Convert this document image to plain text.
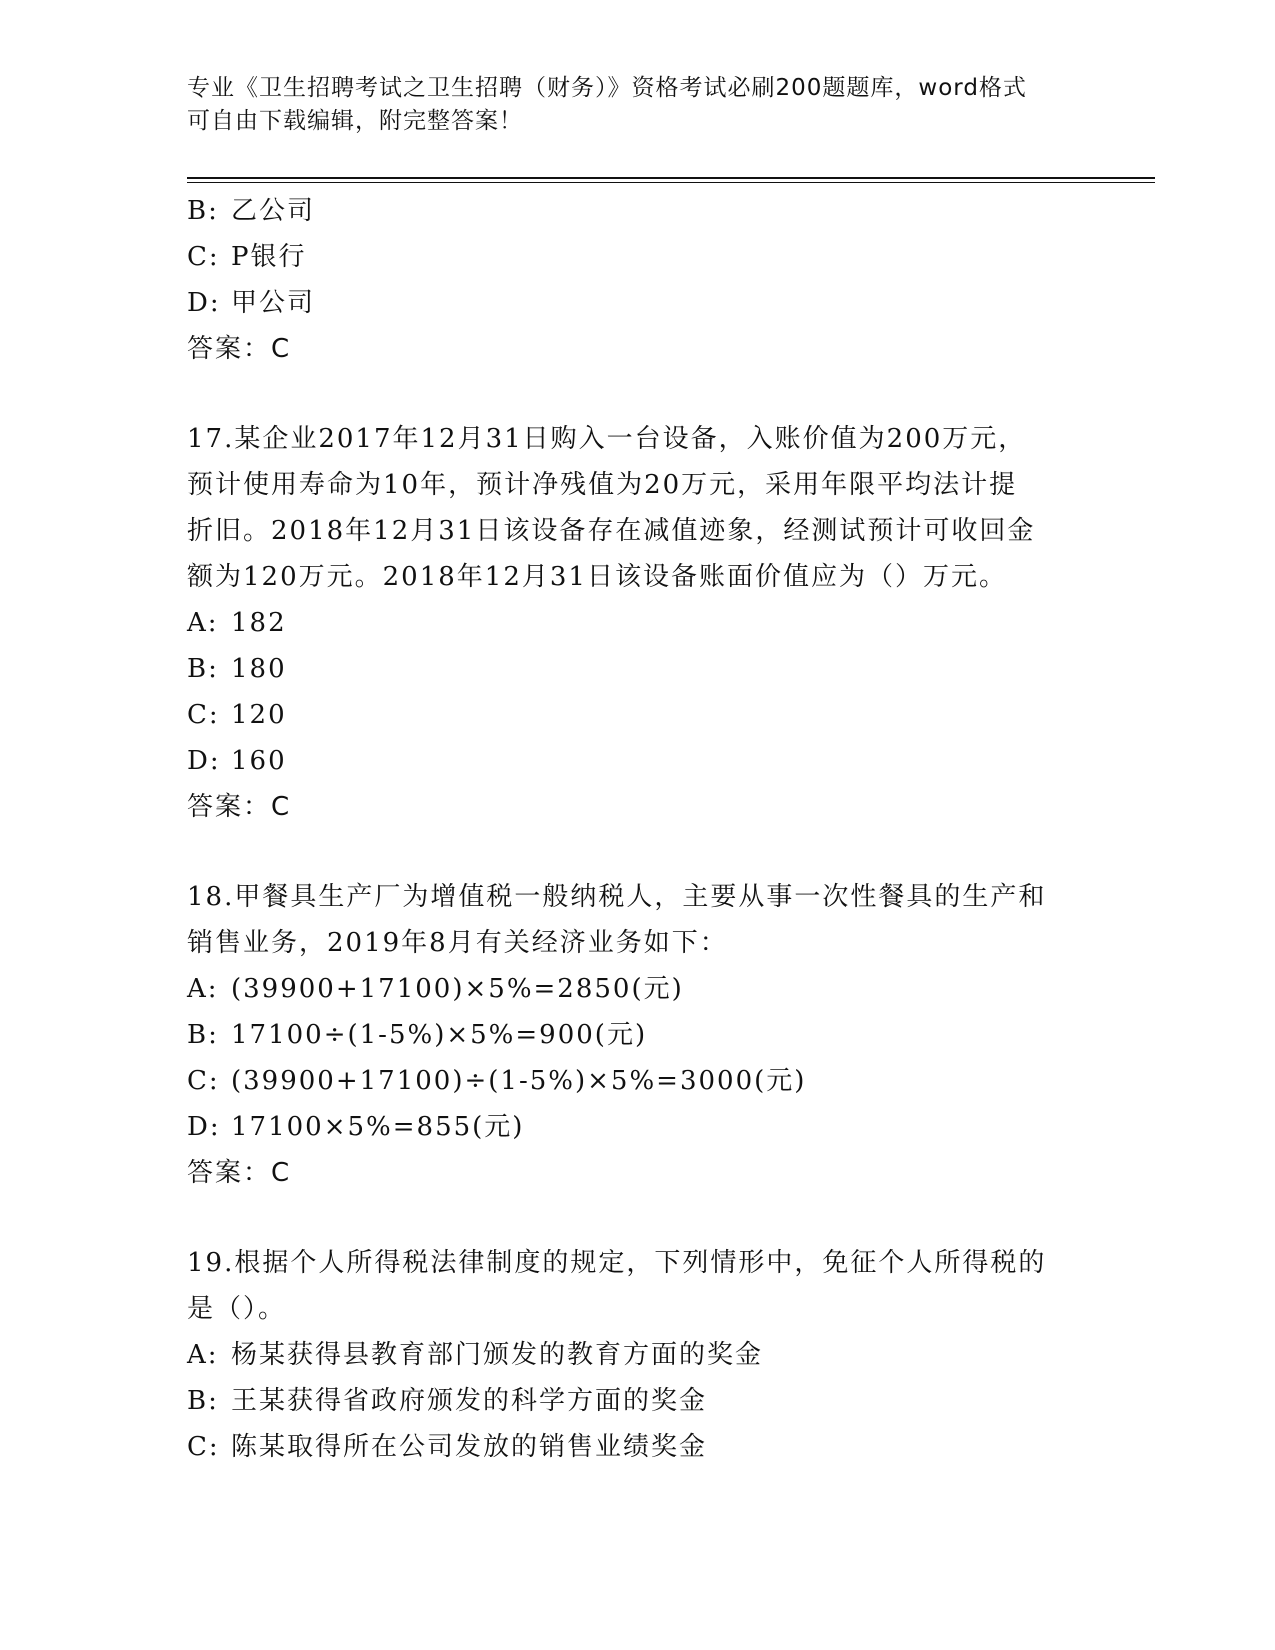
专业《卫生招聘考试之卫生招聘（财务）》资格考试必刷200题题库，word格式
可自由下载编辑，附完整答案！
B: 乙公司
C: P银行
D: 甲公司
答案：C
17.某企业2017年12月31日购入一台设备，入账价值为200万元，
预计使用寿命为10年，预计净残值为20万元，采用年限平均法计提
折旧。2018年12月31日该设备存在减值迹象，经测试预计可收回金
额为120万元。2018年12月31日该设备账面价值应为（）万元。
A: 182
B: 180
C: 120
D: 160
答案：C
18.甲餐具生产厂为增值税一般纳税人，主要从事一次性餐具的生产和
销售业务，2019年8月有关经济业务如下：
A: (39900+17100)×5%=2850(元)
B: 17100÷(1-5%)×5%=900(元)
C: (39900+17100)÷(1-5%)×5%=3000(元)
D: 17100×5%=855(元)
答案：C
19.根据个人所得税法律制度的规定，下列情形中，免征个人所得税的
是（）。
A: 杨某获得县教育部门颁发的教育方面的奖金
B: 王某获得省政府颁发的科学方面的奖金
C: 陈某取得所在公司发放的销售业绩奖金
